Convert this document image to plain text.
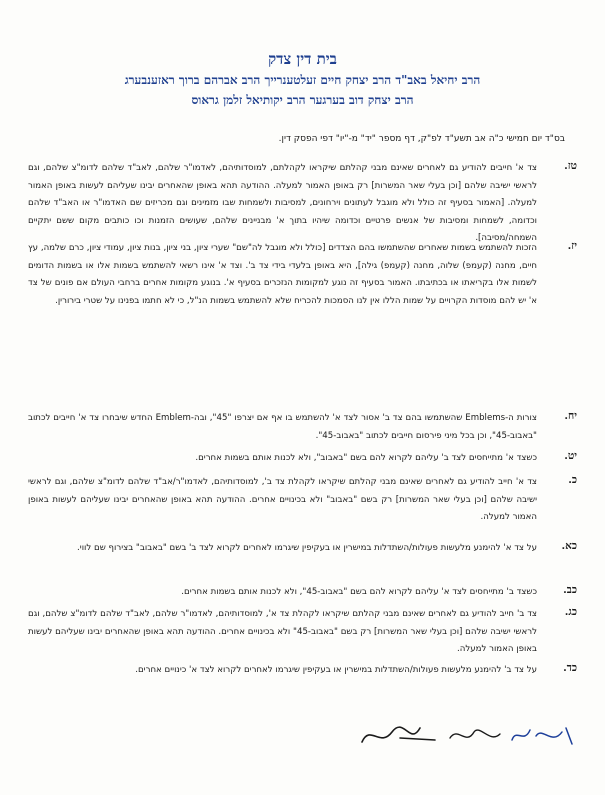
בית דין צדק
הרב יחיאל באב"ד הרב יצחק חיים זעלטענרייך הרב אברהם ברוך ראזענבערג
הרב יצחק דוב בערגער הרב יקותיאל זלמן גראוס
בס"ד יום חמישי כ"ה אב תשע"ד לפ"ק, דף מספר "יד" מ-"יו" דפי הפסק דין.
טז.
צד א' חייבים להודיע גם לאחרים שאינם מבני קהלתם שיקראו לקהלתם, למוסדותיהם, לאדמו"ר שלהם, לאב"ד שלהם לדומ"צ שלהם, וגם לראשי ישיבה שלהם [וכן בעלי שאר המשרות] רק באופן האמור למעלה. ההודעה תהא באופן שהאחרים יבינו שעליהם לעשות באופן האמור למעלה. [האמור בסעיף זה כולל ולא מוגבל לעתונים וירחונים, למסיבות ולשמחות שבו מזמינים וגם מכריזים שם האדמו"ר או האב"ד שלהם וכדומה, לשמחות ומסיבות של אנשים פרטיים וכדומה שיהיו בתוך א' מבניינים שלהם, שעושים הזמנות וכו כותבים מקום ששם יתקיים השמחה/מסיבה].
יז.
הזכות להשתמש בשמות שאחרים שהשתמשו בהם הצדדים [כולל ולא מוגבל לה"שם" שערי ציון, בני ציון, בנות ציון, עמודי ציון, כרם שלמה, עץ חיים, מחנה (קעמפ) שלוה, מחנה (קעמפ) גילה], היא באופן בלעדי בידי צד ב'. וצד א' אינו רשאי להשתמש בשמות אלו או בשמות הדומים לשמות אלו בקריאתו או בכתיבתו. האמור בסעיף זה נוגע למקומות הנזכרים בסעיף א'. בנוגע מקומות אחרים ברחבי העולם אם פונים של צד א' יש להם מוסדות הקרויים על שמות הללו אין לנו הסמכות להכריח שלא להשתמש בשמות הנ"ל, כי לא חתמו בפנינו על שטרי בירורין.
יח.
צורות ה-Emblems שהשתמשו בהם צד ב' אסור לצד א' להשתמש בו אף אם יצרפו "45", ובה-Emblem החדש שיבחרו צד א' חייבים לכתוב "באבוב-45", וכן בכל מיני פירסום חייבים לכתוב "באבוב-45".
יט.
כשצד א' מתייחסים לצד ב' עליהם לקרוא להם בשם "באבוב", ולא לכנות אותם בשמות אחרים.
כ.
צד א' חייב להודיע גם לאחרים שאינם מבני קהלתם שיקראו לקהלת צד ב', למוסדותיהם, לאדמו"ר/אב"ד שלהם לדומ"צ שלהם, וגם לראשי ישיבה שלהם [וכן בעלי שאר המשרות] רק בשם "באבוב" ולא בכינויים אחרים. ההודעה תהא באופן שהאחרים יבינו שעליהם לעשות באופן האמור למעלה.
כא.
על צד א' להימנע מלעשות פעולות/השתדלות במישרין או בעקיפין שיגרמו לאחרים לקרוא לצד ב' בשם "באבוב" בצירוף שם לווי.
כב.
כשצד ב' מתייחסים לצד א' עליהם לקרוא להם בשם "באבוב-45", ולא לכנות אותם בשמות אחרים.
כג.
צד ב' חייב להודיע גם לאחרים שאינם מבני קהלתם שיקראו לקהלת צד א', למוסדותיהם, לאדמו"ר שלהם, לאב"ד שלהם לדומ"צ שלהם, וגם לראשי ישיבה שלהם [וכן בעלי שאר המשרות] רק בשם "באבוב-45" ולא בכינויים אחרים. ההודעה תהא באופן שהאחרים יבינו שעליהם לעשות באופן האמור למעלה.
כד.
על צד ב' להימנע מלעשות פעולות/השתדלות במישרין או בעקיפין שיגרמו לאחרים לקרוא לצד א' כינויים אחרים.
